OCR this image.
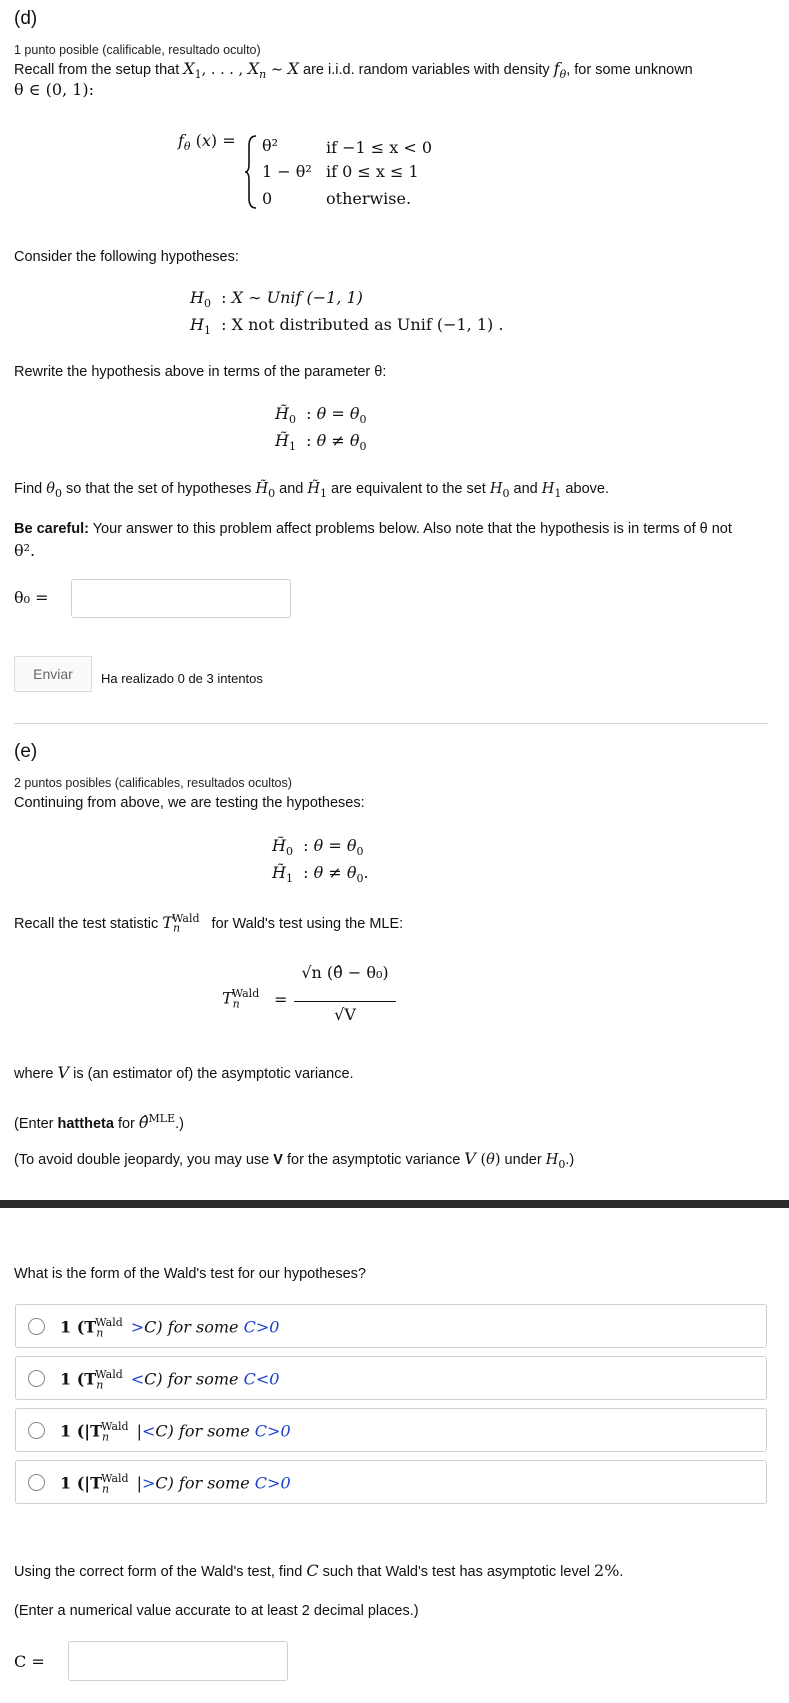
(d)
1 punto posible (calificable, resultado oculto)
Recall from the setup that $X_1$, . . . , $X_n$ ∼ X are i.i.d. random variables with density $f_\theta$, for some unknown
θ ∈ (0, 1):
$f_\theta$ (x) = θ²	if −1 ≤ x < 0
1 − θ² if 0 ≤ x ≤ 1
0	otherwise.
Consider the following hypotheses:
$H_0$  : X ∼ Unif (−1, 1)
$H_1$  : X not distributed as Unif (−1, 1) .
Rewrite the hypothesis above in terms of the parameter θ:
$H̃_0$  : $\theta = \theta_0$
$H̃_1$  : $\theta \ne \theta_0$
Find $\theta_0$ so that the set of hypotheses $H̃_0$ and $H̃_1$ are equivalent to the set $H_0$ and $H_1$ above.
Be careful: Your answer to this problem affect problems below. Also note that the hypothesis is in terms of θ not
θ².
θ₀ =
Enviar	Ha realizado 0 de 3 intentos
(e)
2 puntos posibles (calificables, resultados ocultos)
Continuing from above, we are testing the hypotheses:
$H̃_0$  : $\theta = \theta_0$
$H̃_1$  : $\theta \ne \theta_0$.
Recall the test statistic $T_n^{Wald}$ for Wald's test using the MLE:
$T_n^{Wald}$ =
√n (θ̂ − θ₀)
√V
where V is (an estimator of) the asymptotic variance.
(Enter hattheta for θ̂$^{MLE}$.)
(To avoid double jeopardy, you may use V for the asymptotic variance V (θ) under $H_0$.)
What is the form of the Wald's test for our hypotheses?
1 $(T_n^{Wald} >C)$ for some C>0
1 $(T_n^{Wald} <C)$ for some C<0
1 ($|T_n^{Wald}$ |<C) for some C>0
1 ($|T_n^{Wald}$ |>C) for some C>0
Using the correct form of the Wald's test, find C such that Wald's test has asymptotic level 2%.
(Enter a numerical value accurate to at least 2 decimal places.)
C =
